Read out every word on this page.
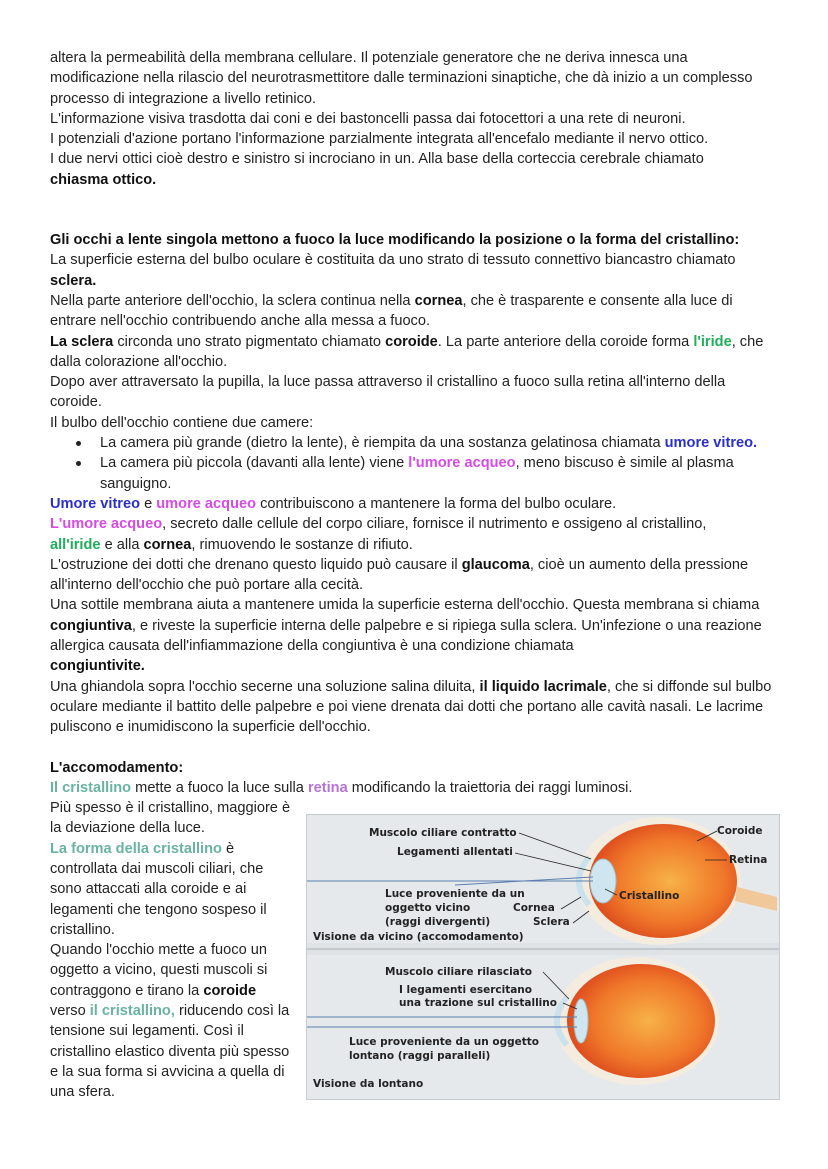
altera la permeabilità della membrana cellulare. Il potenziale generatore che ne deriva innesca una modificazione nella rilascio del neurotrasmettitore dalle terminazioni sinaptiche, che dà inizio a un complesso processo di integrazione a livello retinico.

L'informazione visiva trasdotta dai coni e dei bastoncelli passa dai fotocettori a una rete di neuroni.

I potenziali d'azione portano l'informazione parzialmente integrata all'encefalo mediante il nervo ottico.

I due nervi ottici cioè destro e sinistro si incrociano in un. Alla base della corteccia cerebrale chiamato
chiasma ottico.

Gli occhi a lente singola mettono a fuoco la luce modificando la posizione o la forma del cristallino:

La superficie esterna del bulbo oculare è costituita da uno strato di tessuto connettivo biancastro chiamato
sclera.

Nella parte anteriore dell'occhio, la sclera continua nella cornea, che è trasparente e consente alla luce di entrare nell'occhio contribuendo anche alla messa a fuoco.

La sclera circonda uno strato pigmentato chiamato coroide. La parte anteriore della coroide forma l'iride, che dalla colorazione all'occhio.

Dopo aver attraversato la pupilla, la luce passa attraverso il cristallino a fuoco sulla retina all'interno della coroide.

Il bulbo dell'occhio contiene due camere:

La camera più grande (dietro la lente), è riempita da una sostanza gelatinosa chiamata umore vitreo.
La camera più piccola (davanti alla lente) viene l'umore acqueo, meno biscuso è simile al plasma sanguigno.

Umore vitreo e umore acqueo contribuiscono a mantenere la forma del bulbo oculare.

L'umore acqueo, secreto dalle cellule del corpo ciliare, fornisce il nutrimento e ossigeno al cristallino,
all'iride e alla cornea, rimuovendo le sostanze di rifiuto.

L'ostruzione dei dotti che drenano questo liquido può causare il glaucoma, cioè un aumento della pressione all'interno dell'occhio che può portare alla cecità.

Una sottile membrana aiuta a mantenere umida la superficie esterna dell'occhio. Questa membrana si chiama congiuntiva, e riveste la superficie interna delle palpebre e si ripiega sulla sclera. Un'infezione o una reazione allergica causata dell'infiammazione della congiuntiva è una condizione chiamata
congiuntivite.

Una ghiandola sopra l'occhio secerne una soluzione salina diluita, il liquido lacrimale, che si diffonde sul bulbo oculare mediante il battito delle palpebre e poi viene drenata dai dotti che portano alle cavità nasali. Le lacrime puliscono e inumidiscono la superficie dell'occhio.

L'accomodamento:

Il cristallino mette a fuoco la luce sulla retina modificando la traiettoria dei raggi luminosi.

Più spesso è il cristallino, maggiore è la deviazione della luce.

La forma della cristallino è controllata dai muscoli ciliari, che sono attaccati alla coroide e ai legamenti che tengono sospeso il cristallino.

Quando l'occhio mette a fuoco un oggetto a vicino, questi muscoli si contraggono e tirano la coroide verso il cristallino, riducendo così la tensione sui legamenti. Così il cristallino elastico diventa più spesso e la sua forma si avvicina a quella di una sfera.

Muscolo ciliare contratto
Legamenti allentati
Luce proveniente da un
oggetto vicino
(raggi divergenti)
Cornea
Sclera
Coroide
Retina
Cristallino
Visione da vicino (accomodamento)
Muscolo ciliare rilasciato
I legamenti esercitano
una trazione sul cristallino
Luce proveniente da un oggetto
lontano (raggi paralleli)
Visione da lontano
